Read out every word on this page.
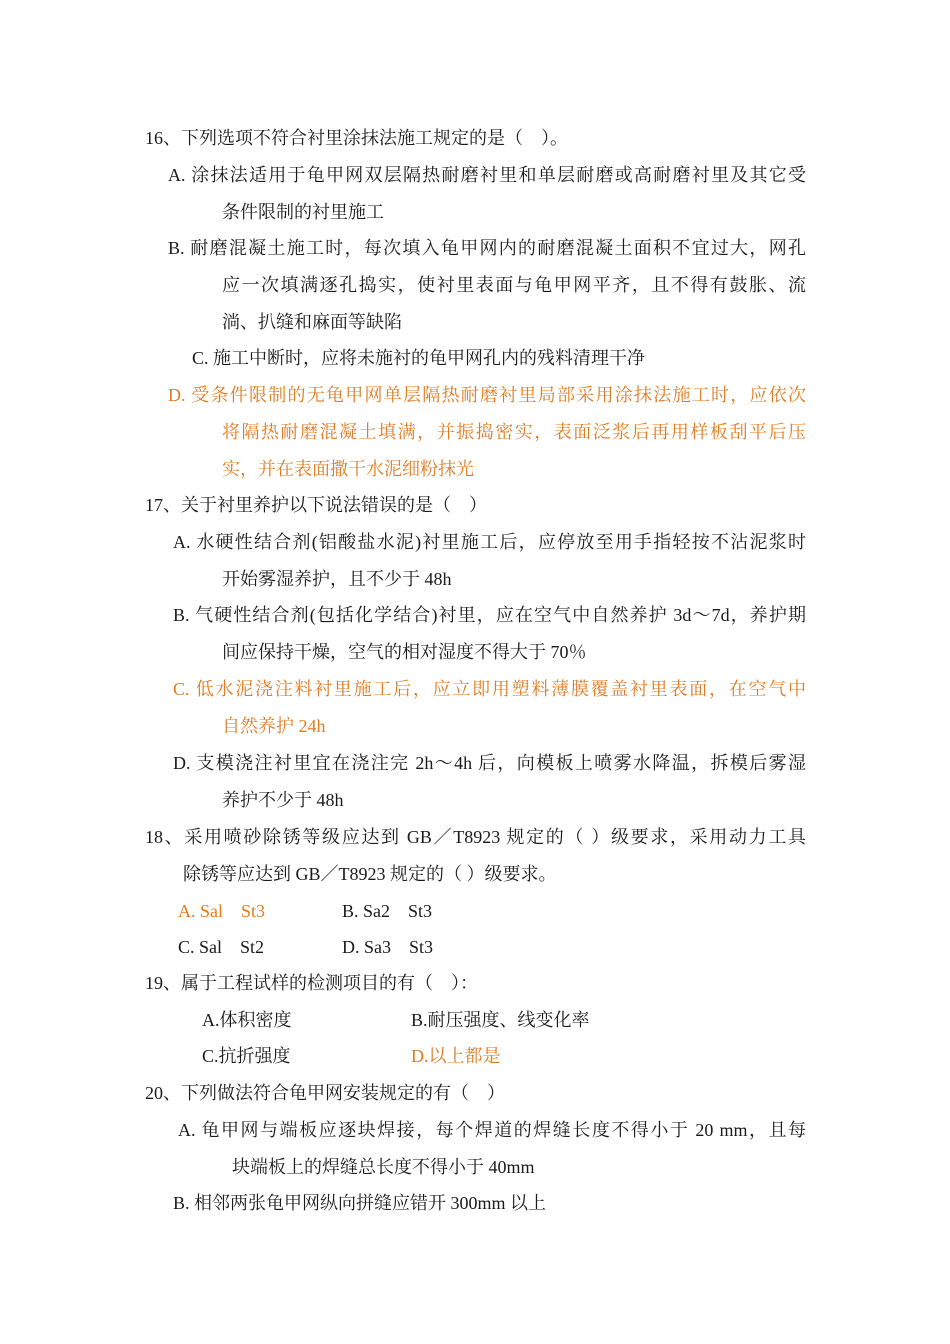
16、下列选项不符合衬里涂抹法施工规定的是（　）。
A. 涂抹法适用于龟甲网双层隔热耐磨衬里和单层耐磨或高耐磨衬里及其它受
条件限制的衬里施工
B. 耐磨混凝土施工时，每次填入龟甲网内的耐磨混凝土面积不宜过大，网孔
应一次填满逐孔捣实，使衬里表面与龟甲网平齐，且不得有鼓胀、流
淌、扒缝和麻面等缺陷
C. 施工中断时，应将未施衬的龟甲网孔内的残料清理干净
D. 受条件限制的无龟甲网单层隔热耐磨衬里局部采用涂抹法施工时，应依次
将隔热耐磨混凝土填满，并振捣密实，表面泛浆后再用样板刮平后压
实，并在表面撒干水泥细粉抹光
17、关于衬里养护以下说法错误的是（　）
A. 水硬性结合剂(铝酸盐水泥)衬里施工后，应停放至用手指轻按不沾泥浆时
开始雾湿养护，且不少于 48h
B. 气硬性结合剂(包括化学结合)衬里，应在空气中自然养护 3d～7d，养护期
间应保持干燥，空气的相对湿度不得大于 70％
C. 低水泥浇注料衬里施工后，应立即用塑料薄膜覆盖衬里表面，在空气中
自然养护 24h
D. 支模浇注衬里宜在浇注完 2h～4h 后，向模板上喷雾水降温，拆模后雾湿
养护不少于 48h
18、采用喷砂除锈等级应达到 GB／T8923 规定的（ ）级要求，采用动力工具
除锈等应达到 GB／T8923 规定的（ ）级要求。
A. Sal　St3	B. Sa2　St3
C. Sal　St2	D. Sa3　St3
19、属于工程试样的检测项目的有（　）：
A.体积密度	B.耐压强度、线变化率
C.抗折强度	D.以上都是
20、下列做法符合龟甲网安装规定的有（　）
A. 龟甲网与端板应逐块焊接，每个焊道的焊缝长度不得小于 20 mm，且每
块端板上的焊缝总长度不得小于 40mm
B. 相邻两张龟甲网纵向拼缝应错开 300mm 以上
